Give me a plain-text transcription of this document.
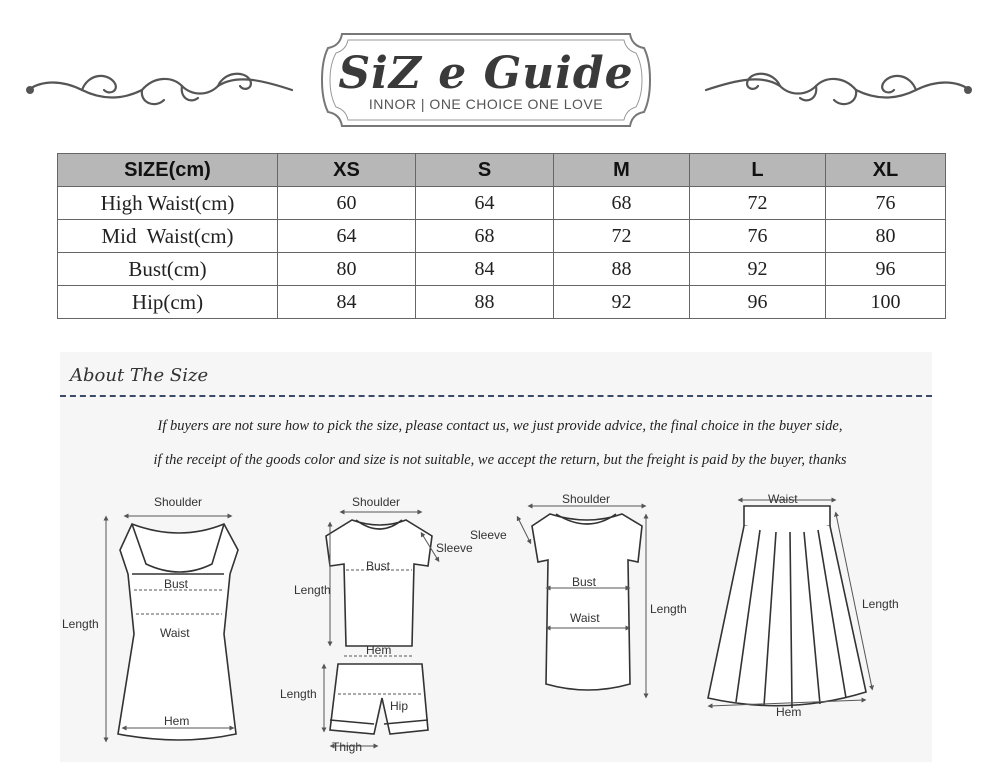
SiZ e Guide
INNOR | ONE CHOICE ONE LOVE
SIZE(cm)	XS	S	M	L	XL
High Waist(cm)	60	64	68	72	76
Mid  Waist(cm)	64	68	72	76	80
Bust(cm)	80	84	88	92	96
Hip(cm)	84	88	92	96	100
About The Size
If buyers are not sure how to pick the size, please contact us, we just provide advice, the final choice in the buyer side,
if the receipt of the goods color and size is not suitable, we accept the return, but the freight is paid by the buyer, thanks
Shoulder
Bust
Waist
Length
Hem
Shoulder
Sleeve
Bust
Length
Hem
Length
Hip
Thigh
Shoulder
Sleeve
Bust
Waist
Length
Waist
Length
Hem
